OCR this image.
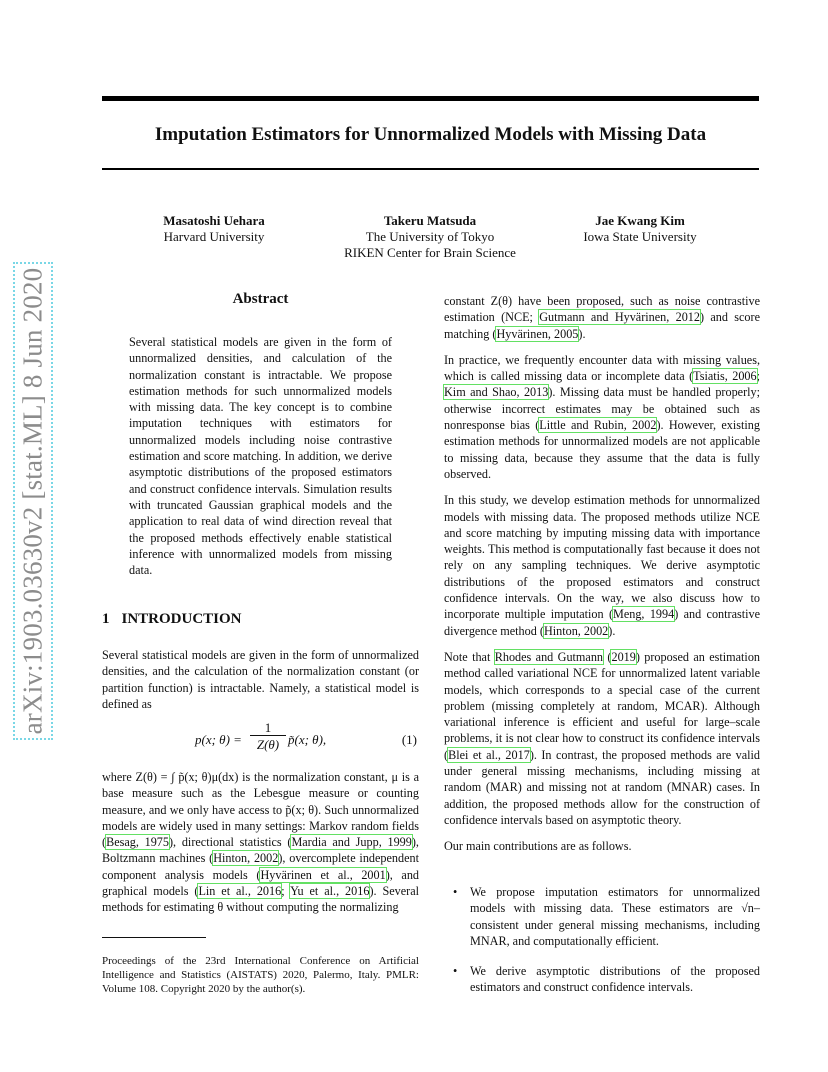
arXiv:1903.03630v2 [stat.ML] 8 Jun 2020
Imputation Estimators for Unnormalized Models with Missing Data
Masatoshi Uehara
Harvard University
Takeru Matsuda
The University of Tokyo
RIKEN Center for Brain Science
Jae Kwang Kim
Iowa State University
Abstract

Several statistical models are given in the form of unnormalized densities, and calculation of the normalization constant is intractable. We propose estimation methods for such unnormalized models with missing data. The key concept is to combine imputation techniques with estimators for unnormalized models including noise contrastive estimation and score matching. In addition, we derive asymptotic distributions of the proposed estimators and construct confidence intervals. Simulation results with truncated Gaussian graphical models and the application to real data of wind direction reveal that the proposed methods effectively enable statistical inference with unnormalized models from missing data.

1 INTRODUCTION

Several statistical models are given in the form of unnormalized densities, and the calculation of the normalization constant (or partition function) is intractable. Namely, a statistical model is defined as

p(x; $\theta) = \frac{1}{Z(\theta)}$ p̃(x; θ),	(1)

where Z(θ) = ∫ p̃(x; θ)μ(dx) is the normalization constant, μ is a base measure such as the Lebesgue measure or counting measure, and we only have access to p̃(x; θ). Such unnormalized models are widely used in many settings: Markov random fields (Besag, 1975), directional statistics (Mardia and Jupp, 1999), Boltzmann machines (Hinton, 2002), overcomplete independent component analysis models (Hyvärinen et al., 2001), and graphical models (Lin et al., 2016; Yu et al., 2016). Several methods for estimating θ without computing the normalizing

Proceedings of the 23rd International Conference on Artificial Intelligence and Statistics (AISTATS) 2020, Palermo, Italy. PMLR: Volume 108. Copyright 2020 by the author(s).

constant Z(θ) have been proposed, such as noise contrastive estimation (NCE; Gutmann and Hyvärinen, 2012) and score matching (Hyvärinen, 2005).

In practice, we frequently encounter data with missing values, which is called missing data or incomplete data (Tsiatis, 2006; Kim and Shao, 2013). Missing data must be handled properly; otherwise incorrect estimates may be obtained such as nonresponse bias (Little and Rubin, 2002). However, existing estimation methods for unnormalized models are not applicable to missing data, because they assume that the data is fully observed.

In this study, we develop estimation methods for unnormalized models with missing data. The proposed methods utilize NCE and score matching by imputing missing data with importance weights. This method is computationally fast because it does not rely on any sampling techniques. We derive asymptotic distributions of the proposed estimators and construct confidence intervals. On the way, we also discuss how to incorporate multiple imputation (Meng, 1994) and contrastive divergence method (Hinton, 2002).

Note that Rhodes and Gutmann (2019) proposed an estimation method called variational NCE for unnormalized latent variable models, which corresponds to a special case of the current problem (missing completely at random, MCAR). Although variational inference is efficient and useful for large–scale problems, it is not clear how to construct its confidence intervals (Blei et al., 2017). In contrast, the proposed methods are valid under general missing mechanisms, including missing at random (MAR) and missing not at random (MNAR) cases. In addition, the proposed methods allow for the construction of confidence intervals based on asymptotic theory.

Our main contributions are as follows.

• We propose imputation estimators for unnormalized models with missing data. These estimators are √n–consistent under general missing mechanisms, including MNAR, and computationally efficient.
• We derive asymptotic distributions of the proposed estimators and construct confidence intervals.
